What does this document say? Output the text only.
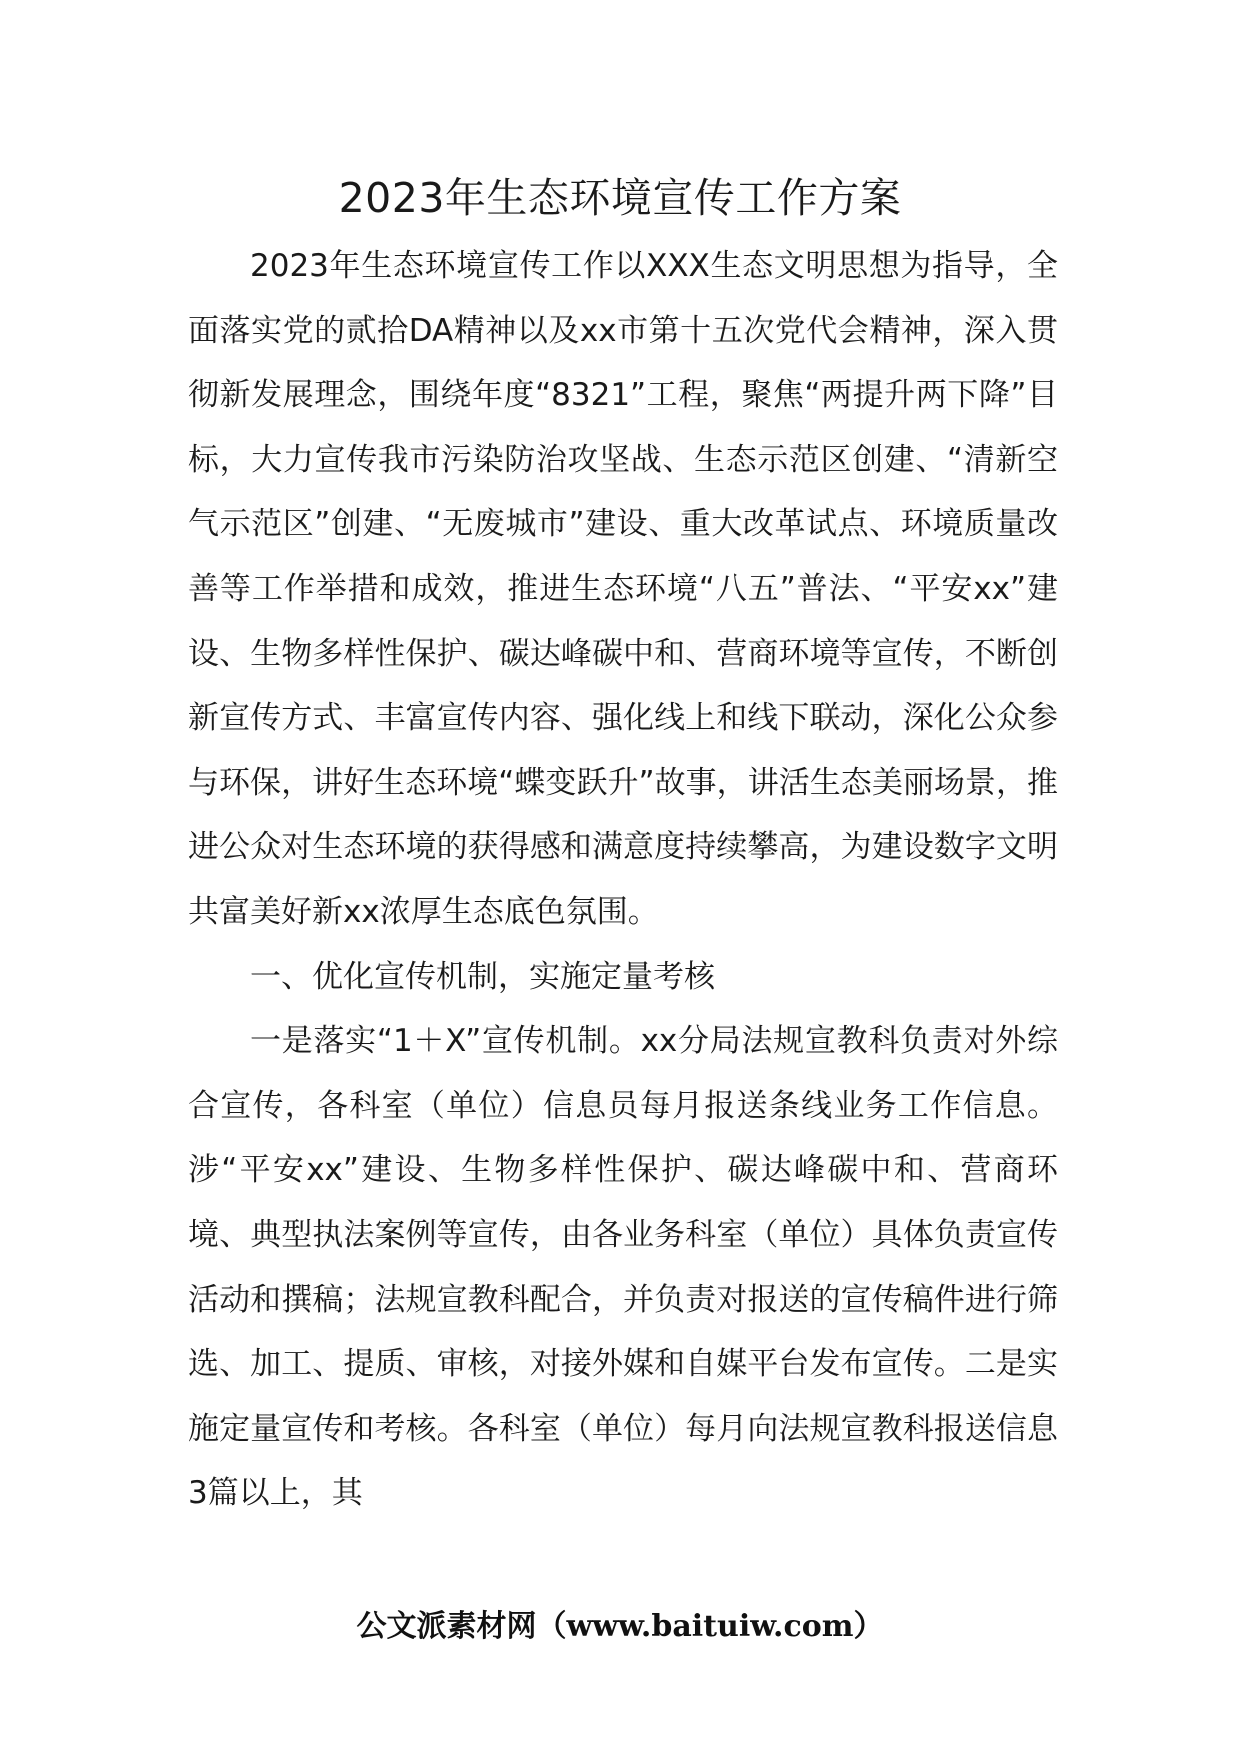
2023年生态环境宣传工作方案

2023年生态环境宣传工作以XXX生态文明思想为指导，全面落实党的贰拾DA精神以及xx市第十五次党代会精神，深入贯彻新发展理念，围绕年度“8321”工程，聚焦“两提升两下降”目标，大力宣传我市污染防治攻坚战、生态示范区创建、“清新空气示范区”创建、“无废城市”建设、重大改革试点、环境质量改善等工作举措和成效，推进生态环境“八五”普法、“平安xx”建设、生物多样性保护、碳达峰碳中和、营商环境等宣传，不断创新宣传方式、丰富宣传内容、强化线上和线下联动，深化公众参与环保，讲好生态环境“蝶变跃升”故事，讲活生态美丽场景，推进公众对生态环境的获得感和满意度持续攀高，为建设数字文明共富美好新xx浓厚生态底色氛围。

一、优化宣传机制，实施定量考核

一是落实“1＋X”宣传机制。xx分局法规宣教科负责对外综合宣传，各科室（单位）信息员每月报送条线业务工作信息。涉“平安xx”建设、生物多样性保护、碳达峰碳中和、营商环境、典型执法案例等宣传，由各业务科室（单位）具体负责宣传活动和撰稿；法规宣教科配合，并负责对报送的宣传稿件进行筛选、加工、提质、审核，对接外媒和自媒平台发布宣传。二是实施定量宣传和考核。各科室（单位）每月向法规宣教科报送信息3篇以上，其

公文派素材网（www.baituiw.com）
